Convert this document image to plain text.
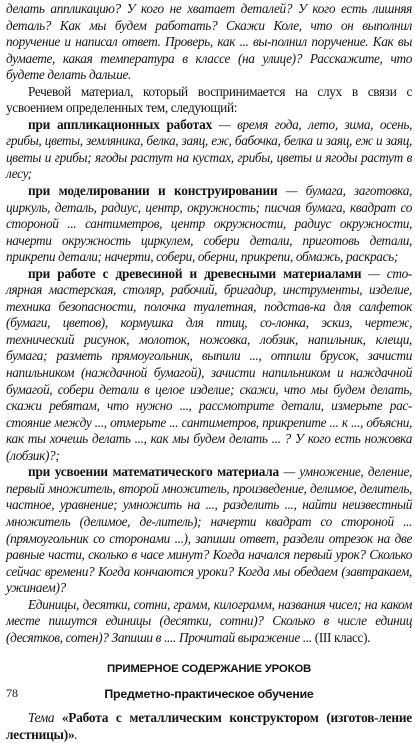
делать аппликацию? У кого не хватает деталей? У кого есть лишняя деталь? Как мы будем работать? Скажи Коле, что он выполнил поручение и написал ответ. Проверь, как ... вы-полнил поручение. Как вы думаете, какая температура в классе (на улице)? Расскажите, что будете делать дальше.

Речевой материал, который воспринимается на слух в связи с усвоением определенных тем, следующий:

при аппликационных работах — время года, лето, зима, осень, грибы, цветы, земляника, белка, заяц, еж, бабочка, белка и заяц, еж и заяц, цветы и грибы; ягоды растут на кустах, грибы, цветы и ягоды растут в лесу;

при моделировании и конструировании — бумага, заготовка, циркуль, деталь, радиус, центр, окружность; писчая бумага, квадрат со стороной ... сантиметров, центр окружности, радиус окружности, начерти окружность циркулем, собери детали, приготовь детали, прикрепи детали; начерти, собери, оберни, прикрепи, обмажь, раскрась;

при работе с древесиной и древесными материалами — сто-лярная мастерская, столяр, рабочий, бригадир, инструменты, изделие, техника безопасности, полочка туалетная, подстав-ка для салфеток (бумаги, цветов), кормушка для птиц, со-лонка, эскиз, чертеж, технический рисунок, молоток, ножовка, лобзик, напильник, клещи, бумага; разметь прямоугольник, выпили ..., отпили брусок, зачисти напильником (наждачной бумагой), зачисти напильником и наждачной бумагой, собери детали в целое изделие; скажи, что мы будем делать, скажи ребятам, что нужно ..., рассмотрите детали, измерьте рас-стояние между ..., отмерьте ... сантиметров, прикрепите ... к ..., объясни, как ты хочешь делать ..., как мы будем делать ... ? У кого есть ножовка (лобзик)?;

при усвоении математического материала — умножение, деление, первый множитель, второй множитель, произведение, делимое, делитель, частное, уравнение; умножить на ..., разделить ..., найти неизвестный множитель (делимое, де-литель); начерти квадрат со стороной ... (прямоугольник со сторонами ...), запиши ответ, раздели отрезок на две равные части, сколько в часе минут? Когда начался первый урок? Сколько сейчас времени? Когда кончаются уроки? Когда мы обедаем (завтракаем, ужинаем)?

Единицы, десятки, сотни, грамм, килограмм, названия чисел; на каком месте пишутся единицы (десятки, сотни)? Сколько в числе единиц (десятков, сотен)? Запиши в .... Прочитай выражение ... (III класс).

ПРИМЕРНОЕ СОДЕРЖАНИЕ УРОКОВ
Предметно-практическое обучение

Тема «Работа с металлическим конструктором (изготов-ление лестницы)».

78
